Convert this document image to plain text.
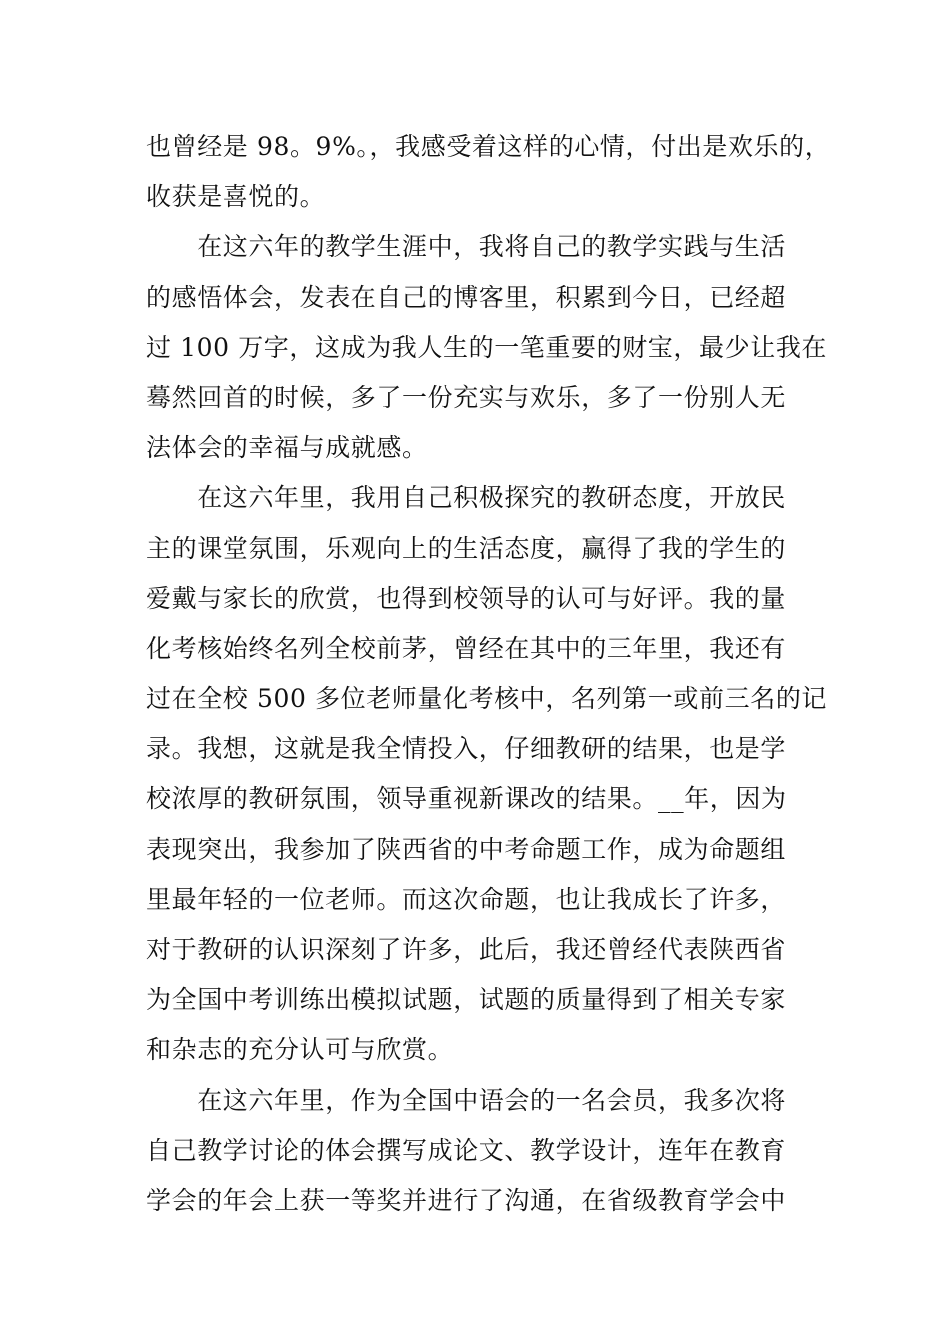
也曾经是 98。9%。，我感受着这样的心情，付出是欢乐的，
收获是喜悦的。
　　在这六年的教学生涯中，我将自己的教学实践与生活
的感悟体会，发表在自己的博客里，积累到今日，已经超
过 100 万字，这成为我人生的一笔重要的财宝，最少让我在
蓦然回首的时候，多了一份充实与欢乐，多了一份别人无
法体会的幸福与成就感。
　　在这六年里，我用自己积极探究的教研态度，开放民
主的课堂氛围，乐观向上的生活态度，赢得了我的学生的
爱戴与家长的欣赏，也得到校领导的认可与好评。我的量
化考核始终名列全校前茅，曾经在其中的三年里，我还有
过在全校 500 多位老师量化考核中，名列第一或前三名的记
录。我想，这就是我全情投入，仔细教研的结果，也是学
校浓厚的教研氛围，领导重视新课改的结果。__年，因为
表现突出，我参加了陕西省的中考命题工作，成为命题组
里最年轻的一位老师。而这次命题，也让我成长了许多，
对于教研的认识深刻了许多，此后，我还曾经代表陕西省
为全国中考训练出模拟试题，试题的质量得到了相关专家
和杂志的充分认可与欣赏。
　　在这六年里，作为全国中语会的一名会员，我多次将
自己教学讨论的体会撰写成论文、教学设计，连年在教育
学会的年会上获一等奖并进行了沟通，在省级教育学会中
